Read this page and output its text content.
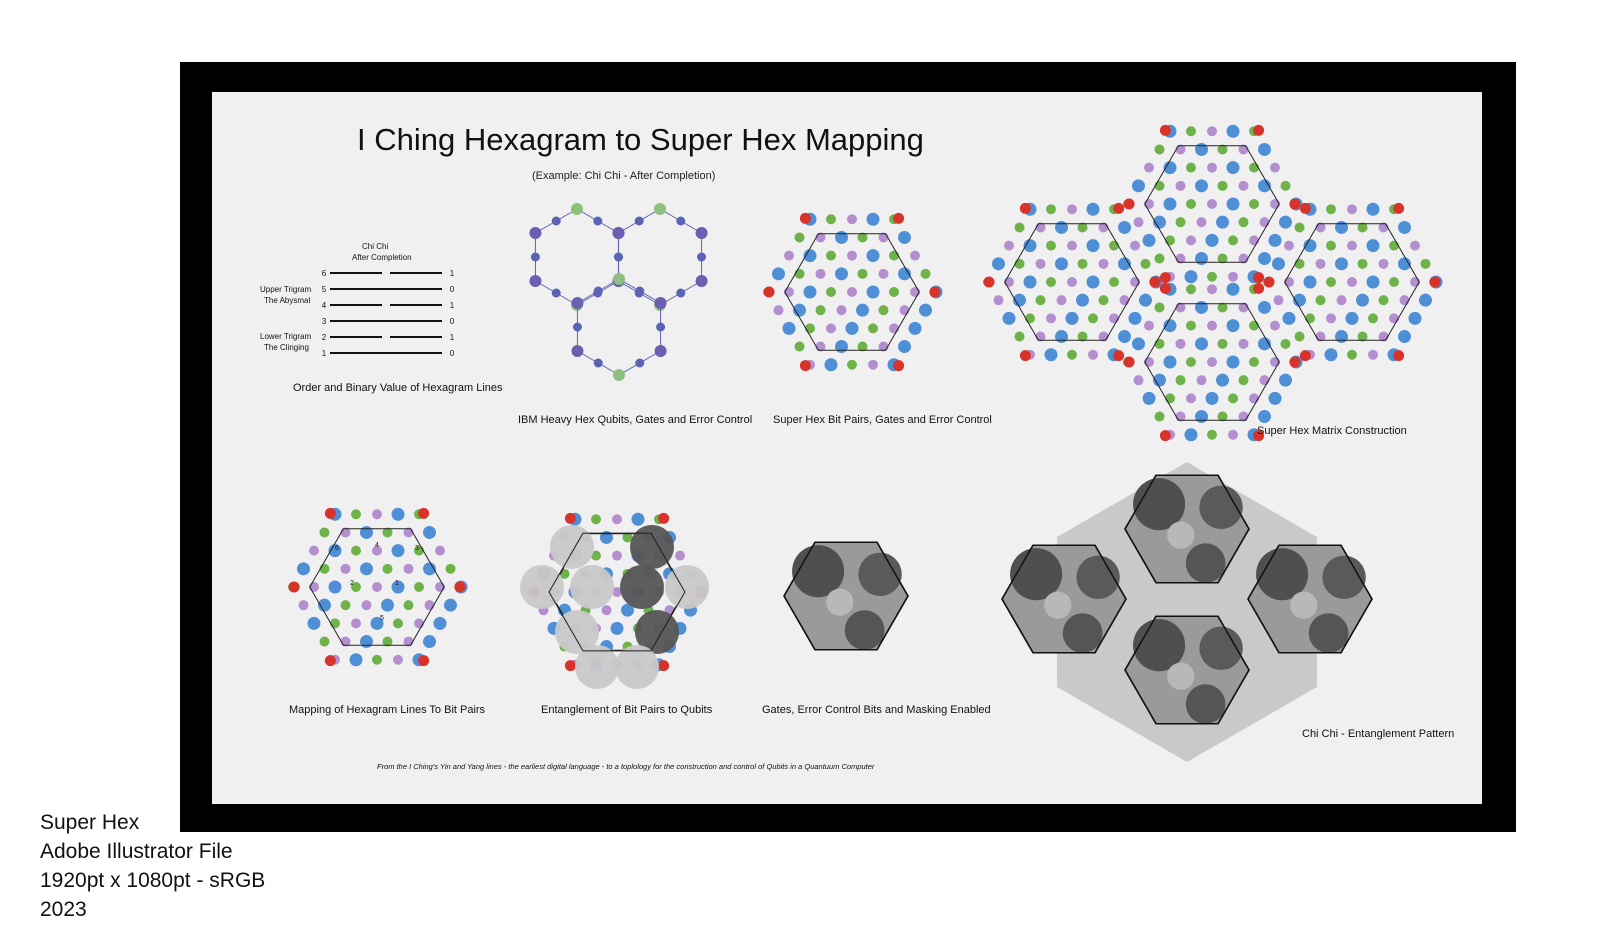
6	1
5	0
4	1
3	0
2	1
1	0
6	4	3
2	1
5
I Ching Hexagram to Super Hex Mapping
(Example: Chi Chi - After Completion)
Chi Chi
After Completion
Upper Trigram
The Abysmal
Lower Trigram
The Clinging
Order and Binary Value of Hexagram Lines
IBM Heavy Hex Qubits, Gates and Error Control Super Hex Bit Pairs, Gates and Error Control
Super Hex Matrix Construction
Mapping of Hexagram Lines To Bit Pairs	Entanglement of Bit Pairs to Qubits	Gates, Error Control Bits and Masking Enabled
Chi Chi - Entanglement Pattern
From the I Ching's Yin and Yang lines - the earliest digital language - to a toplology for the construction and control of Qubits in a Quantuum Computer
Super Hex
Adobe Illustrator File
1920pt x 1080pt - sRGB
2023
